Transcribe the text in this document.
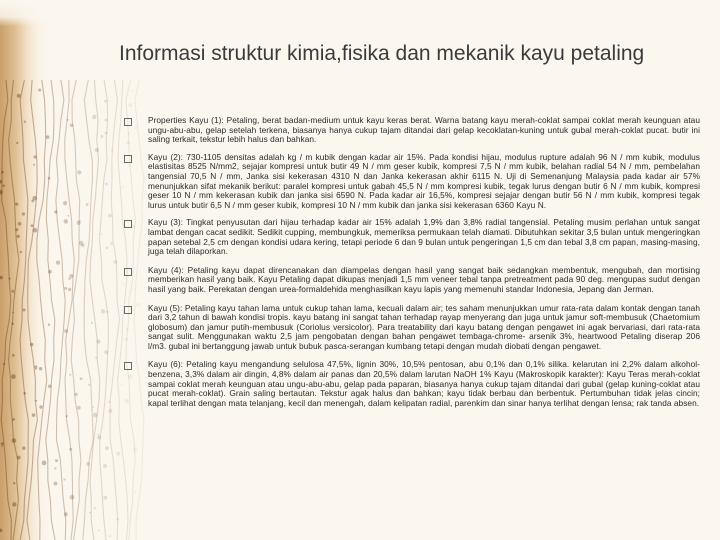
Informasi struktur kimia,fisika dan mekanik kayu petaling
Properties Kayu (1): Petaling, berat badan-medium untuk kayu keras berat. Warna batang kayu merah-coklat sampai coklat merah keunguan atau ungu-abu-abu, gelap setelah terkena, biasanya hanya cukup tajam ditandai dari gelap kecoklatan-kuning untuk gubal merah-coklat pucat. butir ini saling terkait, tekstur lebih halus dan bahkan.
Kayu (2): 730-1105 densitas adalah kg / m kubik dengan kadar air 15%. Pada kondisi hijau, modulus rupture adalah 96 N / mm kubik, modulus elastisitas 8525 N/mm2, sejajar kompresi untuk butir 49 N / mm geser kubik, kompresi 7,5 N / mm kubik, belahan radial 54 N / mm, pembelahan tangensial 70,5 N / mm, Janka sisi kekerasan 4310 N dan Janka kekerasan akhir 6115 N. Uji di Semenanjung Malaysia pada kadar air 57% menunjukkan sifat mekanik berikut: paralel kompresi untuk gabah 45,5 N / mm kompresi kubik, tegak lurus dengan butir 6 N / mm kubik, kompresi geser 10 N / mm kekerasan kubik dan janka sisi 6590 N. Pada kadar air 16,5%, kompresi sejajar dengan butir 56 N / mm kubik, kompresi tegak lurus untuk butir 6,5 N / mm geser kubik, kompresi 10 N / mm kubik dan janka sisi kekerasan 6360 Kayu N.
Kayu (3): Tingkat penyusutan dari hijau terhadap kadar air 15% adalah 1,9% dan 3,8% radial tangensial. Petaling musim perlahan untuk sangat lambat dengan cacat sedikit. Sedikit cupping, membungkuk, memeriksa permukaan telah diamati. Dibutuhkan sekitar 3,5 bulan untuk mengeringkan papan setebal 2,5 cm dengan kondisi udara kering, tetapi periode 6 dan 9 bulan untuk pengeringan 1,5 cm dan tebal 3,8 cm papan, masing-masing, juga telah dilaporkan.
Kayu (4): Petaling kayu dapat direncanakan dan diampelas dengan hasil yang sangat baik sedangkan membentuk, mengubah, dan mortising memberikan hasil yang baik. Kayu Petaling dapat dikupas menjadi 1,5 mm veneer tebal tanpa pretreatment pada 90 deg. mengupas sudut dengan hasil yang baik. Perekatan dengan urea-formaldehida menghasilkan kayu lapis yang memenuhi standar Indonesia, Jepang dan Jerman.
Kayu (5): Petaling kayu tahan lama untuk cukup tahan lama, kecuali dalam air; tes saham menunjukkan umur rata-rata dalam kontak dengan tanah dari 3,2 tahun di bawah kondisi tropis. kayu batang ini sangat tahan terhadap rayap menyerang dan juga untuk jamur soft-membusuk (Chaetomium globosum) dan jamur putih-membusuk (Coriolus versicolor). Para treatability dari kayu batang dengan pengawet ini agak bervariasi, dari rata-rata sangat sulit. Menggunakan waktu 2,5 jam pengobatan dengan bahan pengawet tembaga-chrome- arsenik 3%, heartwood Petaling diserap 206 l/m3. gubal ini bertanggung jawab untuk bubuk pasca-serangan kumbang tetapi dengan mudah diobati dengan pengawet.
Kayu (6): Petaling kayu mengandung selulosa 47,5%, lignin 30%, 10,5% pentosan, abu 0,1% dan 0,1% silika. kelarutan ini 2,2% dalam alkohol-benzena, 3,3% dalam air dingin, 4,8% dalam air panas dan 20,5% dalam larutan NaOH 1% Kayu (Makroskopik karakter): Kayu Teras merah-coklat sampai coklat merah keunguan atau ungu-abu-abu, gelap pada paparan, biasanya hanya cukup tajam ditandai dari gubal (gelap kuning-coklat atau pucat merah-coklat). Grain saling bertautan. Tekstur agak halus dan bahkan; kayu tidak berbau dan berbentuk. Pertumbuhan tidak jelas cincin; kapal terlihat dengan mata telanjang, kecil dan menengah, dalam kelipatan radial, parenkim dan sinar hanya terlihat dengan lensa; rak tanda absen.
